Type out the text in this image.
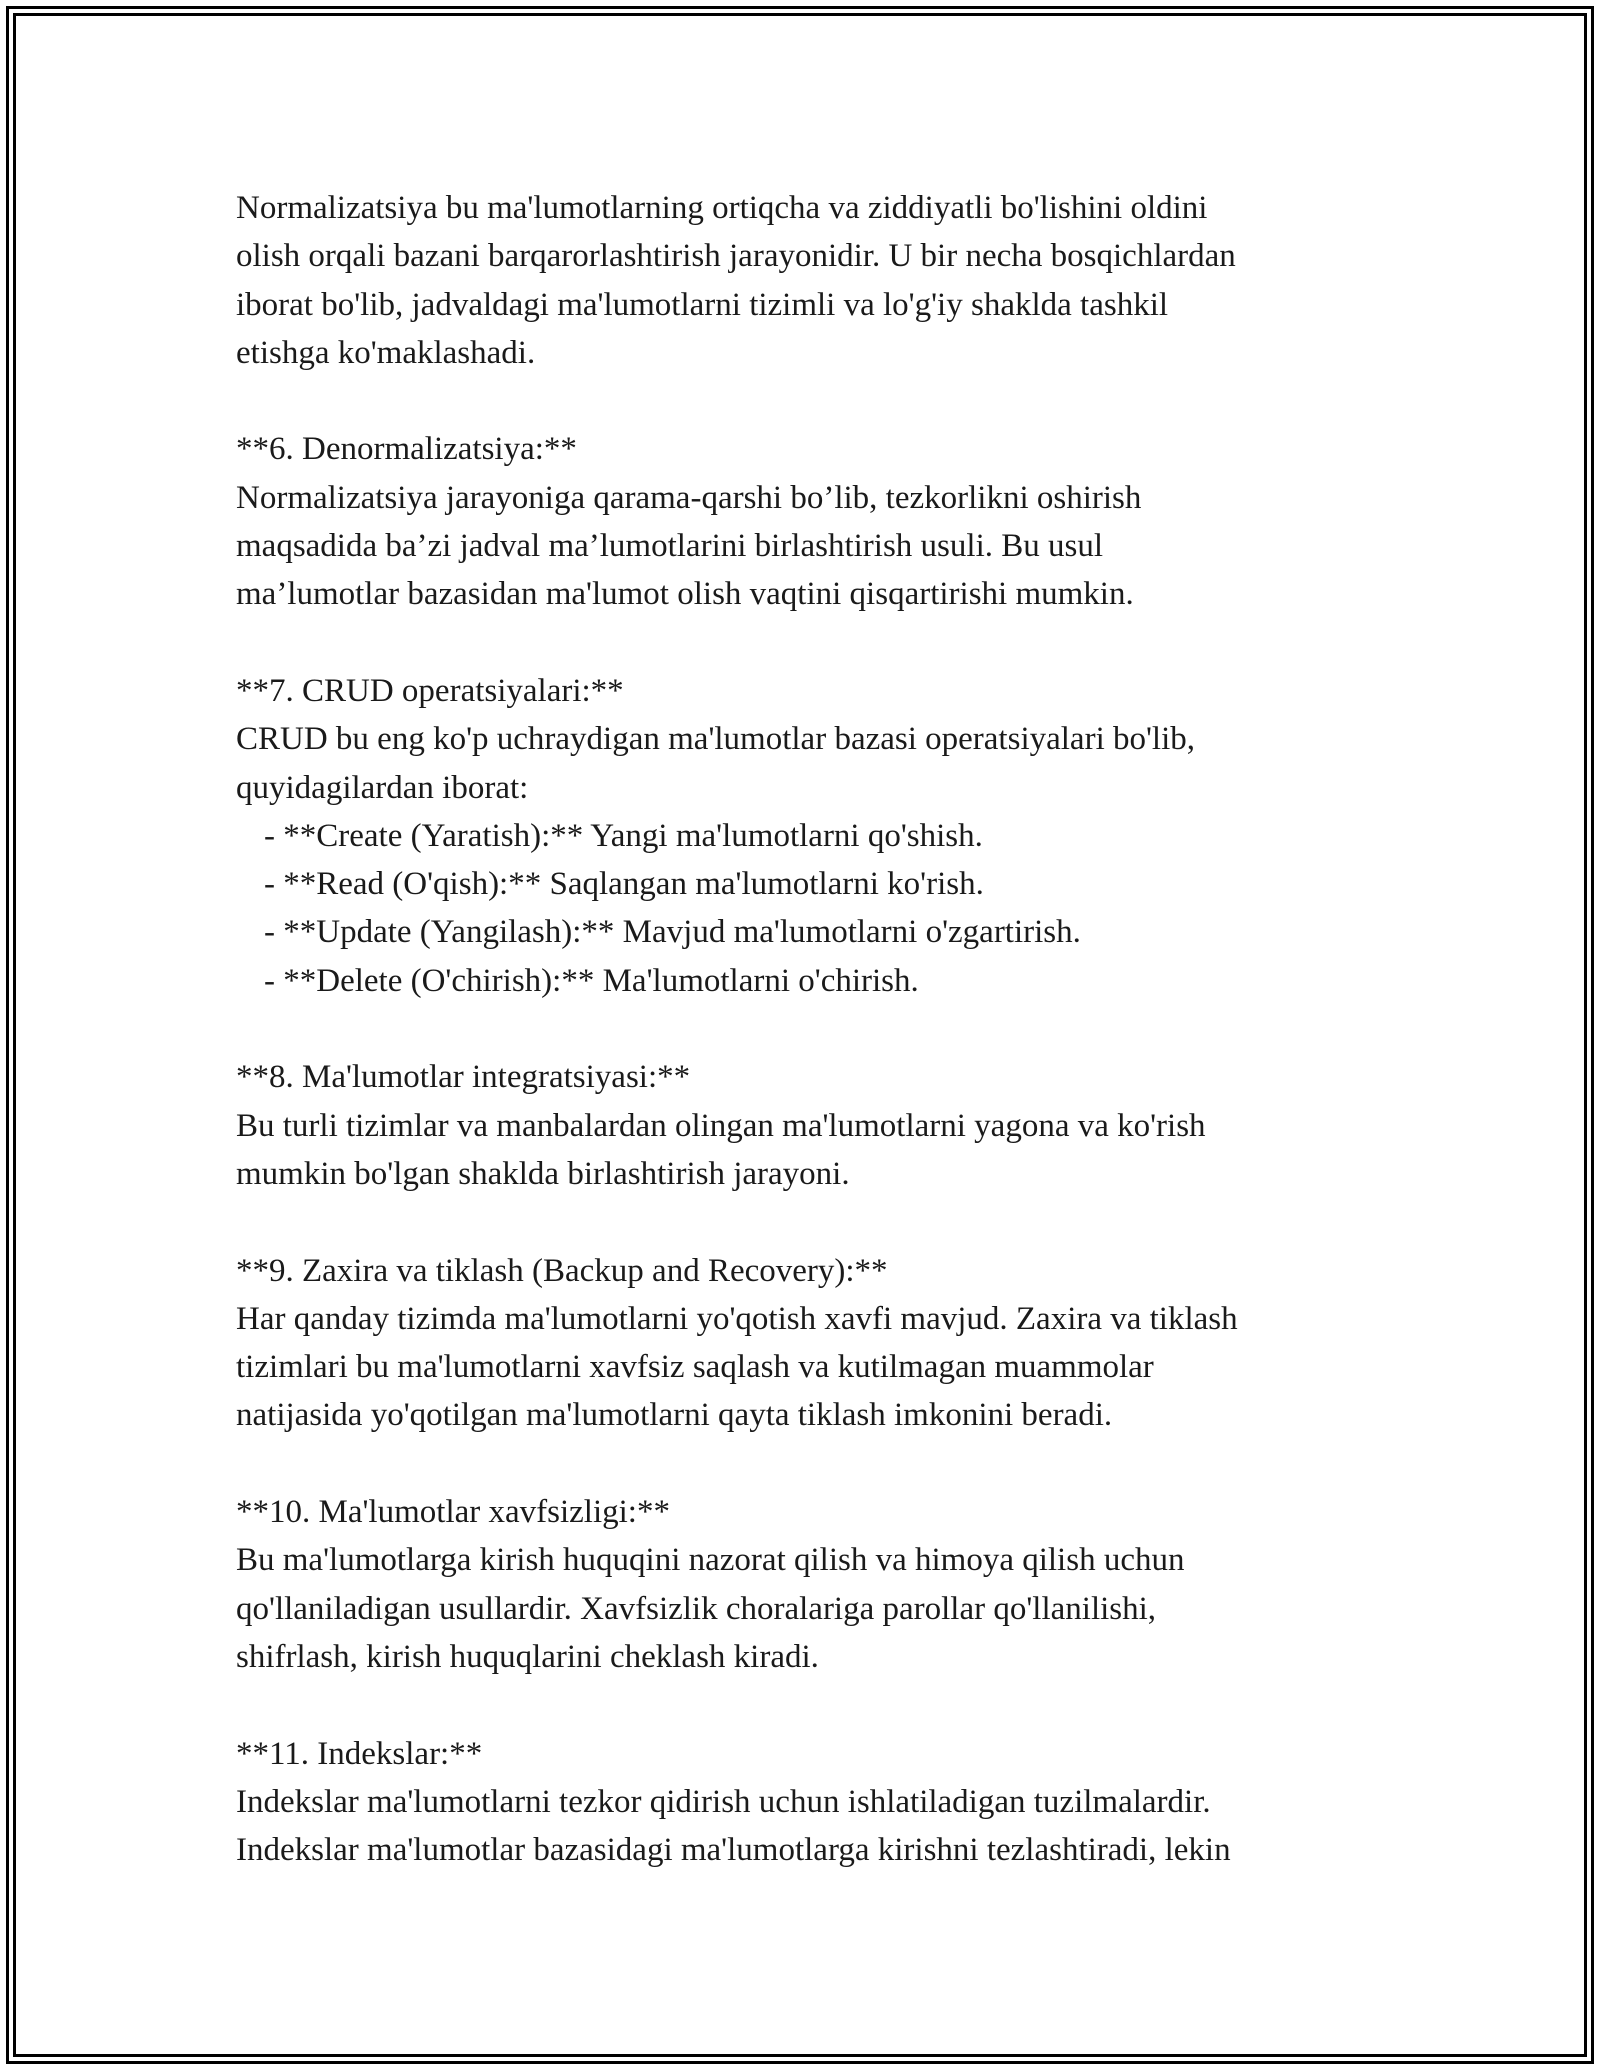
Normalizatsiya bu ma'lumotlarning ortiqcha va ziddiyatli bo'lishini oldini
olish orqali bazani barqarorlashtirish jarayonidir. U bir necha bosqichlardan
iborat bo'lib, jadvaldagi ma'lumotlarni tizimli va lo'g'iy shaklda tashkil
etishga ko'maklashadi.
**6. Denormalizatsiya:**
Normalizatsiya jarayoniga qarama-qarshi bo’lib, tezkorlikni oshirish
maqsadida ba’zi jadval ma’lumotlarini birlashtirish usuli. Bu usul
ma’lumotlar bazasidan ma'lumot olish vaqtini qisqartirishi mumkin.
**7. CRUD operatsiyalari:**
CRUD bu eng ko'p uchraydigan ma'lumotlar bazasi operatsiyalari bo'lib,
quyidagilardan iborat:
- **Create (Yaratish):** Yangi ma'lumotlarni qo'shish.
- **Read (O'qish):** Saqlangan ma'lumotlarni ko'rish.
- **Update (Yangilash):** Mavjud ma'lumotlarni o'zgartirish.
- **Delete (O'chirish):** Ma'lumotlarni o'chirish.
**8. Ma'lumotlar integratsiyasi:**
Bu turli tizimlar va manbalardan olingan ma'lumotlarni yagona va ko'rish
mumkin bo'lgan shaklda birlashtirish jarayoni.
**9. Zaxira va tiklash (Backup and Recovery):**
Har qanday tizimda ma'lumotlarni yo'qotish xavfi mavjud. Zaxira va tiklash
tizimlari bu ma'lumotlarni xavfsiz saqlash va kutilmagan muammolar
natijasida yo'qotilgan ma'lumotlarni qayta tiklash imkonini beradi.
**10. Ma'lumotlar xavfsizligi:**
Bu ma'lumotlarga kirish huquqini nazorat qilish va himoya qilish uchun
qo'llaniladigan usullardir. Xavfsizlik choralariga parollar qo'llanilishi,
shifrlash, kirish huquqlarini cheklash kiradi.
**11. Indekslar:**
Indekslar ma'lumotlarni tezkor qidirish uchun ishlatiladigan tuzilmalardir.
Indekslar ma'lumotlar bazasidagi ma'lumotlarga kirishni tezlashtiradi, lekin
